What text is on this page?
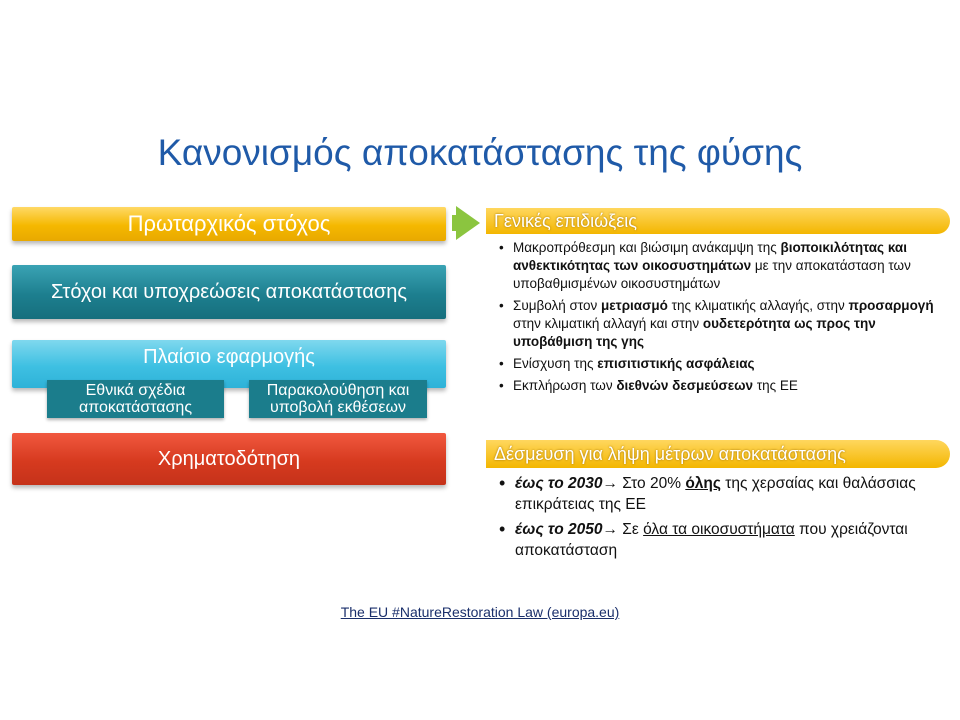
Κανονισμός αποκατάστασης της φύσης
Πρωταρχικός στόχος
Στόχοι και υποχρεώσεις αποκατάστασης
Πλαίσιο εφαρμογής
Εθνικά σχέδια αποκατάστασης
Παρακολούθηση και υποβολή εκθέσεων
Χρηματοδότηση
Γενικές επιδιώξεις
• Μακροπρόθεσμη και βιώσιμη ανάκαμψη της βιοποικιλότητας και ανθεκτικότητας των οικοσυστημάτων με την αποκατάσταση των υποβαθμισμένων οικοσυστημάτων
• Συμβολή στον μετριασμό της κλιματικής αλλαγής, στην προσαρμογή στην κλιματική αλλαγή και στην ουδετερότητα ως προς την υποβάθμιση της γης
• Ενίσχυση της επισιτιστικής ασφάλειας
• Εκπλήρωση των διεθνών δεσμεύσεων της ΕΕ
Δέσμευση για λήψη μέτρων αποκατάστασης
• έως το 2030→ Στο 20% όλης της χερσαίας και θαλάσσιας επικράτειας της ΕΕ
• έως το 2050→ Σε όλα τα οικοσυστήματα που χρειάζονται αποκατάσταση
The EU #NatureRestoration Law (europa.eu)
